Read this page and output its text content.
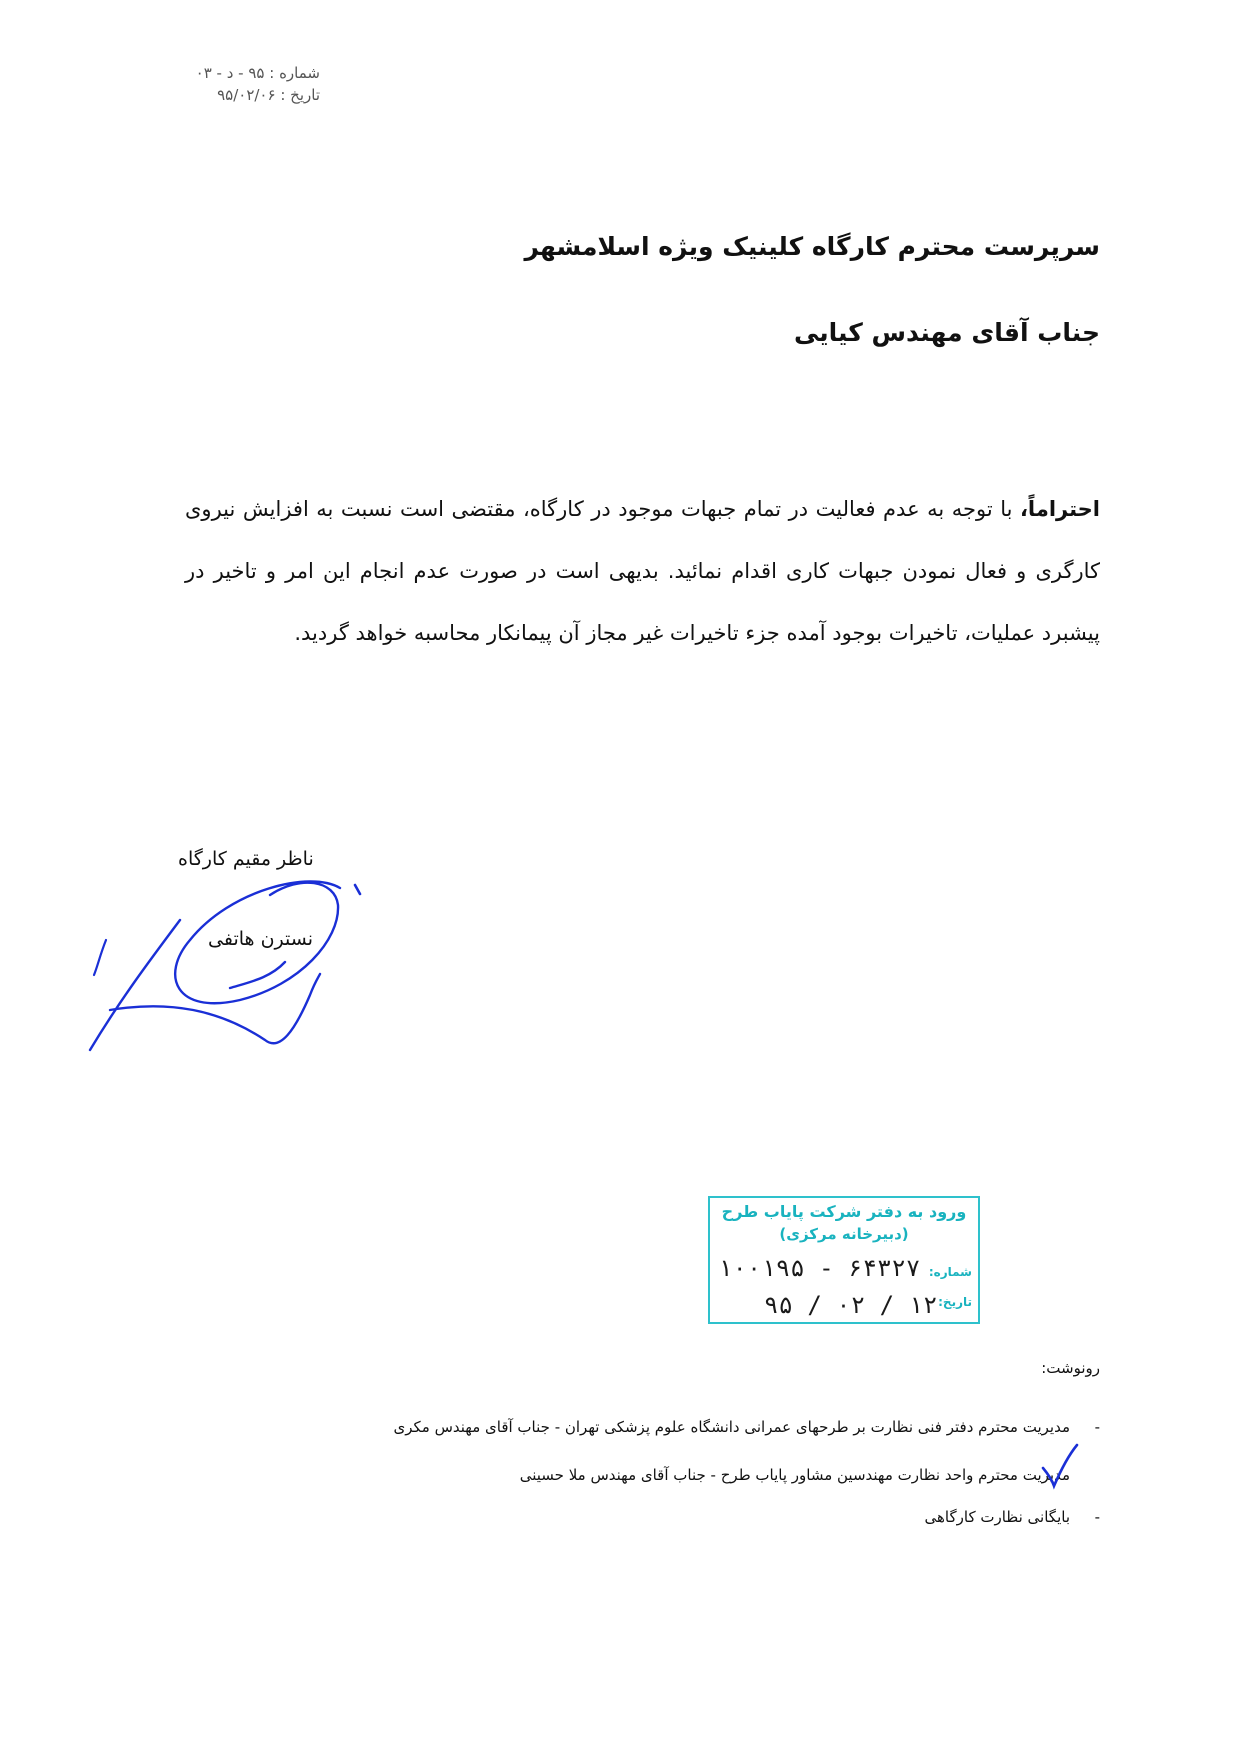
شماره : ۹۵ - د - ۰۳
تاریخ : ۹۵/۰۲/۰۶
سرپرست محترم کارگاه کلینیک ویژه اسلامشهر
جناب آقای مهندس کیایی
احتراماً، با توجه به عدم فعالیت در تمام جبهات موجود در کارگاه، مقتضی است نسبت به افزایش نیروی کارگری و فعال نمودن جبهات کاری اقدام نمائید. بدیهی است در صورت عدم انجام این امر و تاخیر در پیشبرد عملیات، تاخیرات بوجود آمده جزء تاخیرات غیر مجاز آن پیمانکار محاسبه خواهد گردید.
ناظر مقیم کارگاه
نسترن هاتفی
ورود به دفتر شرکت پایاب طرح
(دبیرخانه مرکزی)
شماره:
تاریخ:
۱۰۰۱۹۵ - ۶۴۳۲۷
۹۵ / ۰۲ / ۱۲
رونوشت:
-مدیریت محترم دفتر فنی نظارت بر طرحهای عمرانی دانشگاه علوم پزشکی تهران - جناب آقای مهندس مکری
مدیریت محترم واحد نظارت مهندسین مشاور پایاب طرح - جناب آقای مهندس ملا حسینی
-بایگانی نظارت کارگاهی
